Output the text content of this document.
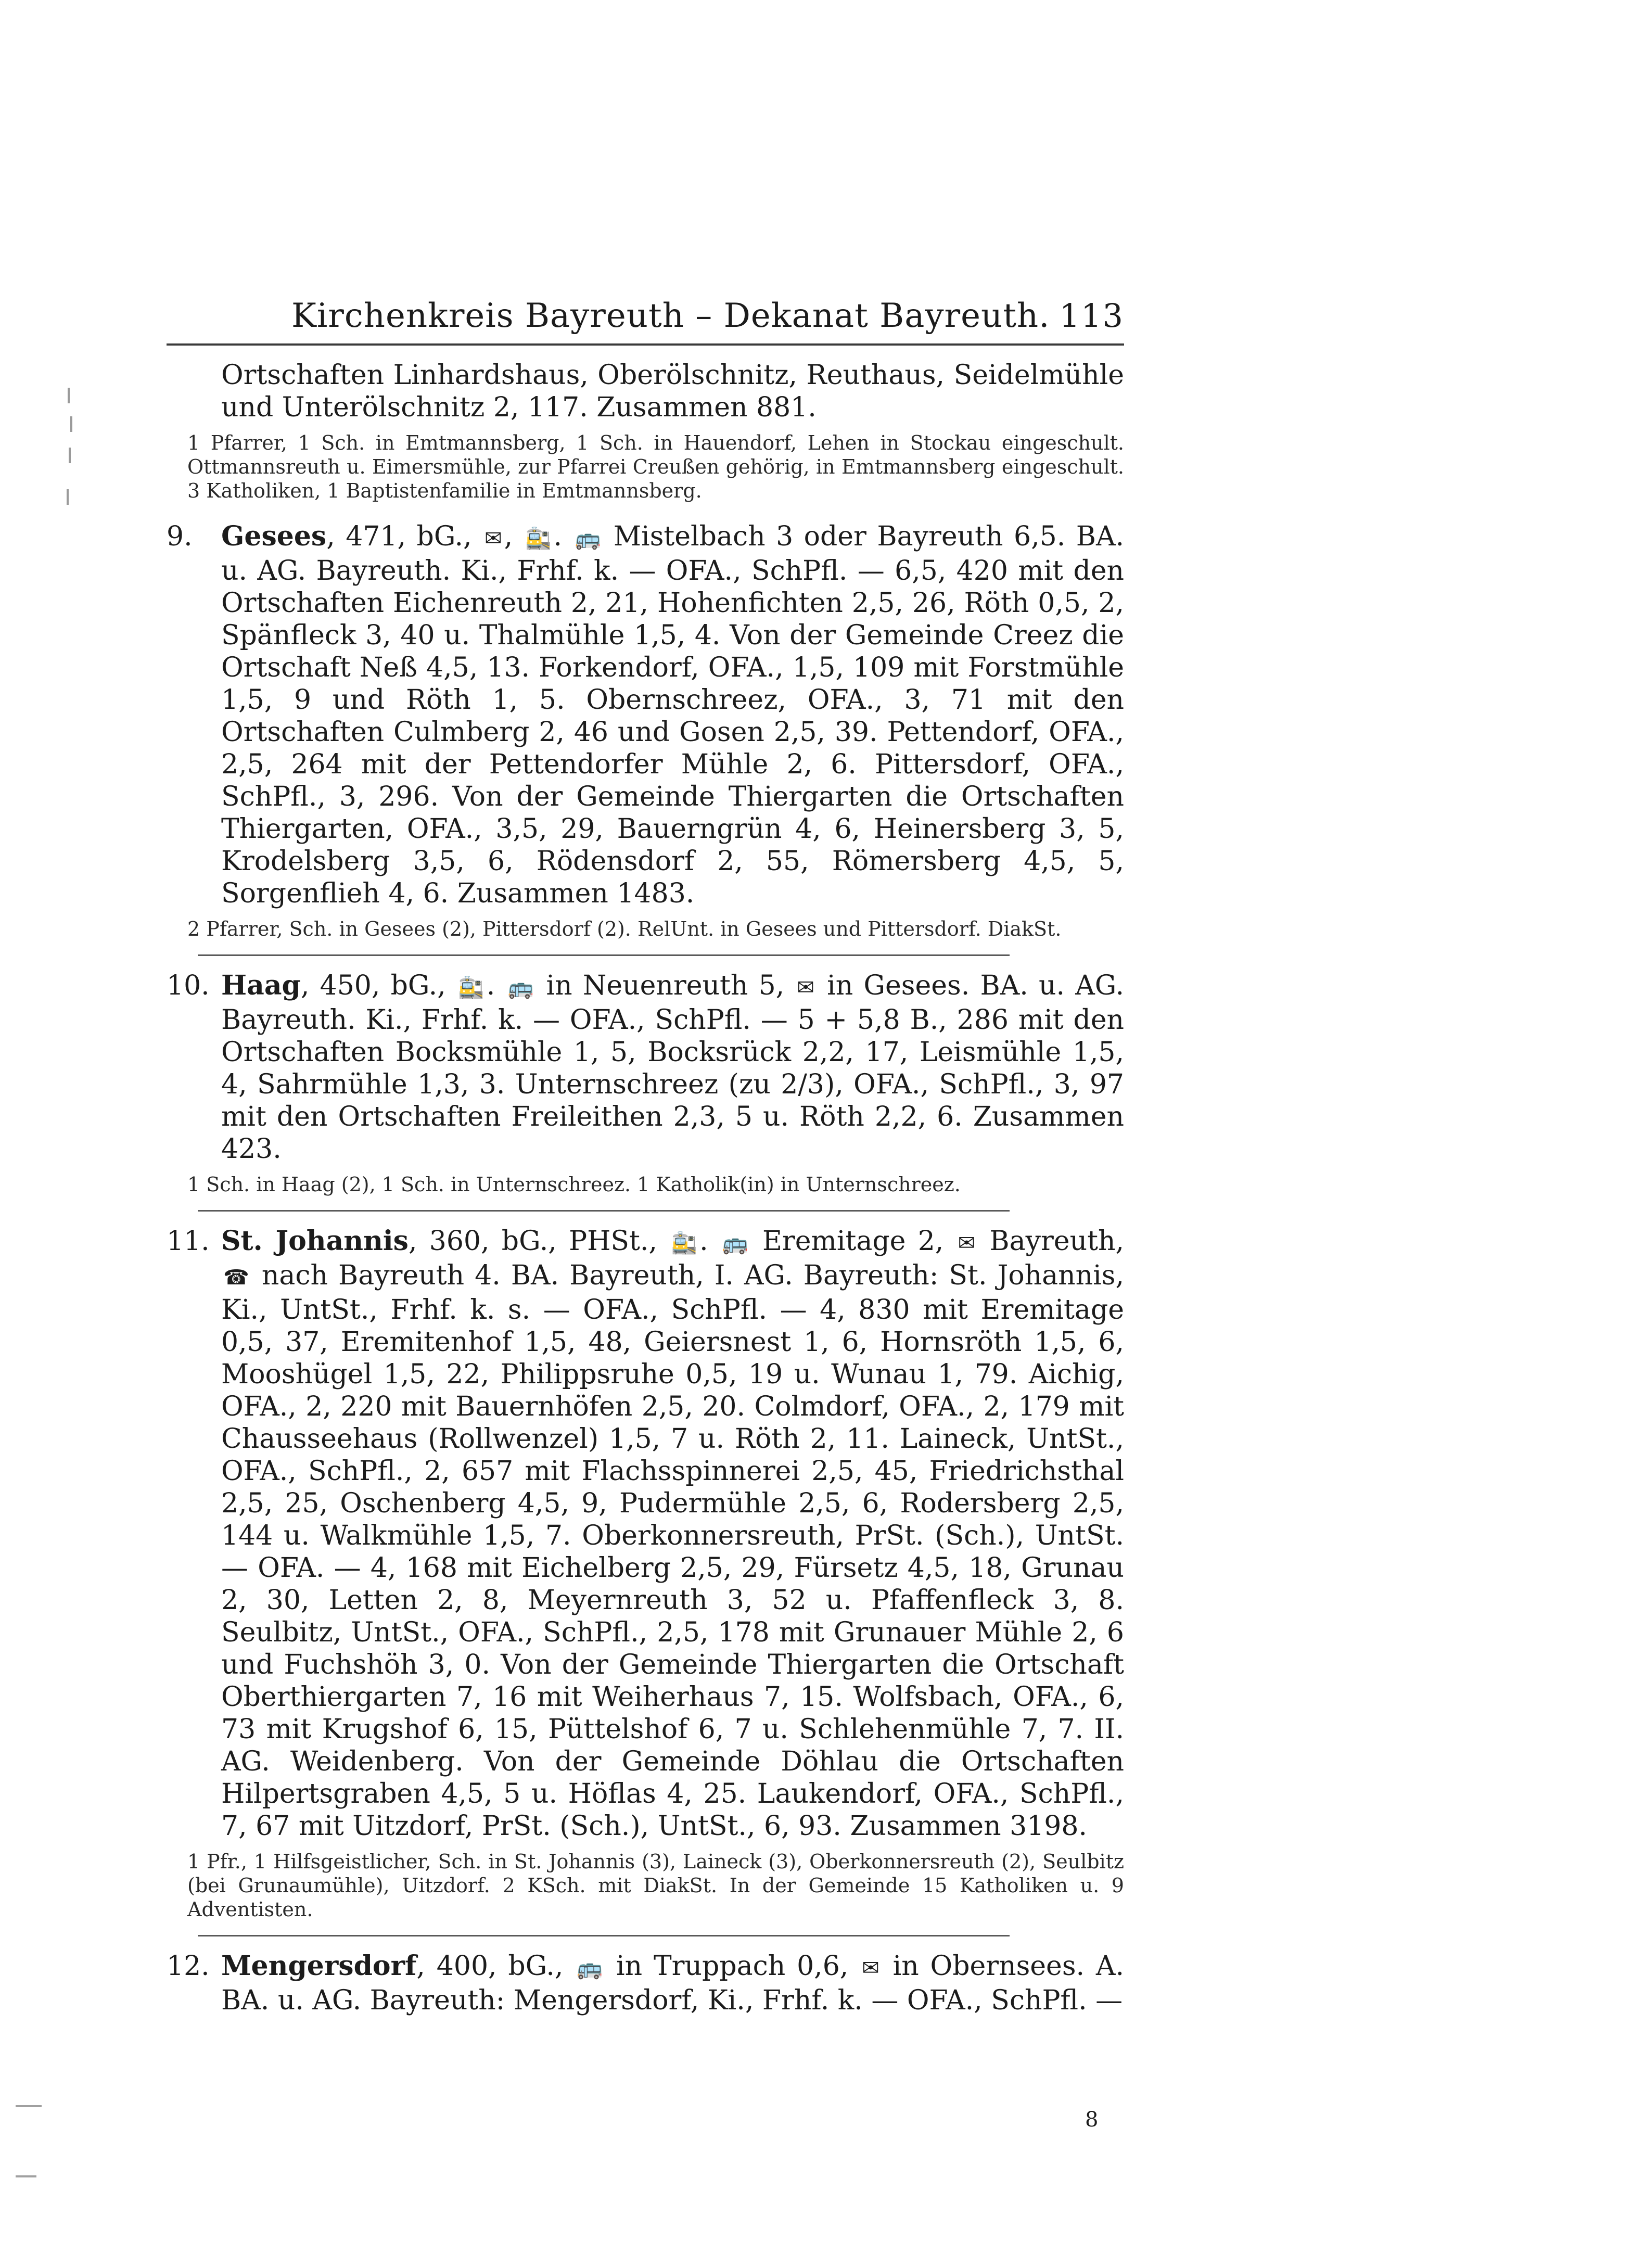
Kirchenkreis Bayreuth – Dekanat Bayreuth. 113

Ortschaften Linhardshaus, Oberölschnitz, Reuthaus, Seidelmühle und Unterölschnitz 2, 117. Zusammen 881.

1 Pfarrer, 1 Sch. in Emtmannsberg, 1 Sch. in Hauendorf, Lehen in Stockau eingeschult. Ottmannsreuth u. Eimersmühle, zur Pfarrei Creußen gehörig, in Emtmannsberg eingeschult. 3 Katholiken, 1 Baptistenfamilie in Emtmannsberg.

9.	Gesees, 471, bG., ✉, 🚉. 🚌 Mistelbach 3 oder Bayreuth 6,5. BA. u. AG. Bayreuth. Ki., Frhf. k. — OFA., SchPfl. — 6,5, 420 mit den Ortschaften Eichenreuth 2, 21, Hohenfichten 2,5, 26, Röth 0,5, 2, Spänfleck 3, 40 u. Thalmühle 1,5, 4. Von der Gemeinde Creez die Ortschaft Neß 4,5, 13. Forkendorf, OFA., 1,5, 109 mit Forstmühle 1,5, 9 und Röth 1, 5. Obernschreez, OFA., 3, 71 mit den Ortschaften Culmberg 2, 46 und Gosen 2,5, 39. Pettendorf, OFA., 2,5, 264 mit der Pettendorfer Mühle 2, 6. Pittersdorf, OFA., SchPfl., 3, 296. Von der Gemeinde Thiergarten die Ortschaften Thiergarten, OFA., 3,5, 29, Bauerngrün 4, 6, Heinersberg 3, 5, Krodelsberg 3,5, 6, Rödensdorf 2, 55, Römersberg 4,5, 5, Sorgenflieh 4, 6. Zusammen 1483.

2 Pfarrer, Sch. in Gesees (2), Pittersdorf (2). RelUnt. in Gesees und Pittersdorf. DiakSt.

10. Haag, 450, bG., 🚉. 🚌 in Neuenreuth 5, ✉ in Gesees. BA. u. AG. Bayreuth. Ki., Frhf. k. — OFA., SchPfl. — 5 + 5,8 B., 286 mit den Ortschaften Bocksmühle 1, 5, Bocksrück 2,2, 17, Leismühle 1,5, 4, Sahrmühle 1,3, 3. Unternschreez (zu 2/3), OFA., SchPfl., 3, 97 mit den Ortschaften Freileithen 2,3, 5 u. Röth 2,2, 6. Zusammen 423.

1 Sch. in Haag (2), 1 Sch. in Unternschreez. 1 Katholik(in) in Unternschreez.

11. St. Johannis, 360, bG., PHSt., 🚉. 🚌 Eremitage 2, ✉ Bayreuth, ☎ nach Bayreuth 4. BA. Bayreuth, I. AG. Bayreuth: St. Johannis, Ki., UntSt., Frhf. k. s. — OFA., SchPfl. — 4, 830 mit Eremitage 0,5, 37, Eremitenhof 1,5, 48, Geiersnest 1, 6, Hornsröth 1,5, 6, Mooshügel 1,5, 22, Philippsruhe 0,5, 19 u. Wunau 1, 79. Aichig, OFA., 2, 220 mit Bauernhöfen 2,5, 20. Colmdorf, OFA., 2, 179 mit Chausseehaus (Rollwenzel) 1,5, 7 u. Röth 2, 11. Laineck, UntSt., OFA., SchPfl., 2, 657 mit Flachsspinnerei 2,5, 45, Friedrichsthal 2,5, 25, Oschenberg 4,5, 9, Pudermühle 2,5, 6, Rodersberg 2,5, 144 u. Walkmühle 1,5, 7. Oberkonnersreuth, PrSt. (Sch.), UntSt. — OFA. — 4, 168 mit Eichelberg 2,5, 29, Fürsetz 4,5, 18, Grunau 2, 30, Letten 2, 8, Meyernreuth 3, 52 u. Pfaffenfleck 3, 8. Seulbitz, UntSt., OFA., SchPfl., 2,5, 178 mit Grunauer Mühle 2, 6 und Fuchshöh 3, 0. Von der Gemeinde Thiergarten die Ortschaft Oberthiergarten 7, 16 mit Weiherhaus 7, 15. Wolfsbach, OFA., 6, 73 mit Krugshof 6, 15, Püttelshof 6, 7 u. Schlehenmühle 7, 7. II. AG. Weidenberg. Von der Gemeinde Döhlau die Ortschaften Hilpertsgraben 4,5, 5 u. Höflas 4, 25. Laukendorf, OFA., SchPfl., 7, 67 mit Uitzdorf, PrSt. (Sch.), UntSt., 6, 93. Zusammen 3198.

1 Pfr., 1 Hilfsgeistlicher, Sch. in St. Johannis (3), Laineck (3), Oberkonnersreuth (2), Seulbitz (bei Grunaumühle), Uitzdorf. 2 KSch. mit DiakSt. In der Gemeinde 15 Katholiken u. 9 Adventisten.

12. Mengersdorf, 400, bG., 🚌 in Truppach 0,6, ✉ in Obernsees. A. BA. u. AG. Bayreuth: Mengersdorf, Ki., Frhf. k. — OFA., SchPfl. —

8
